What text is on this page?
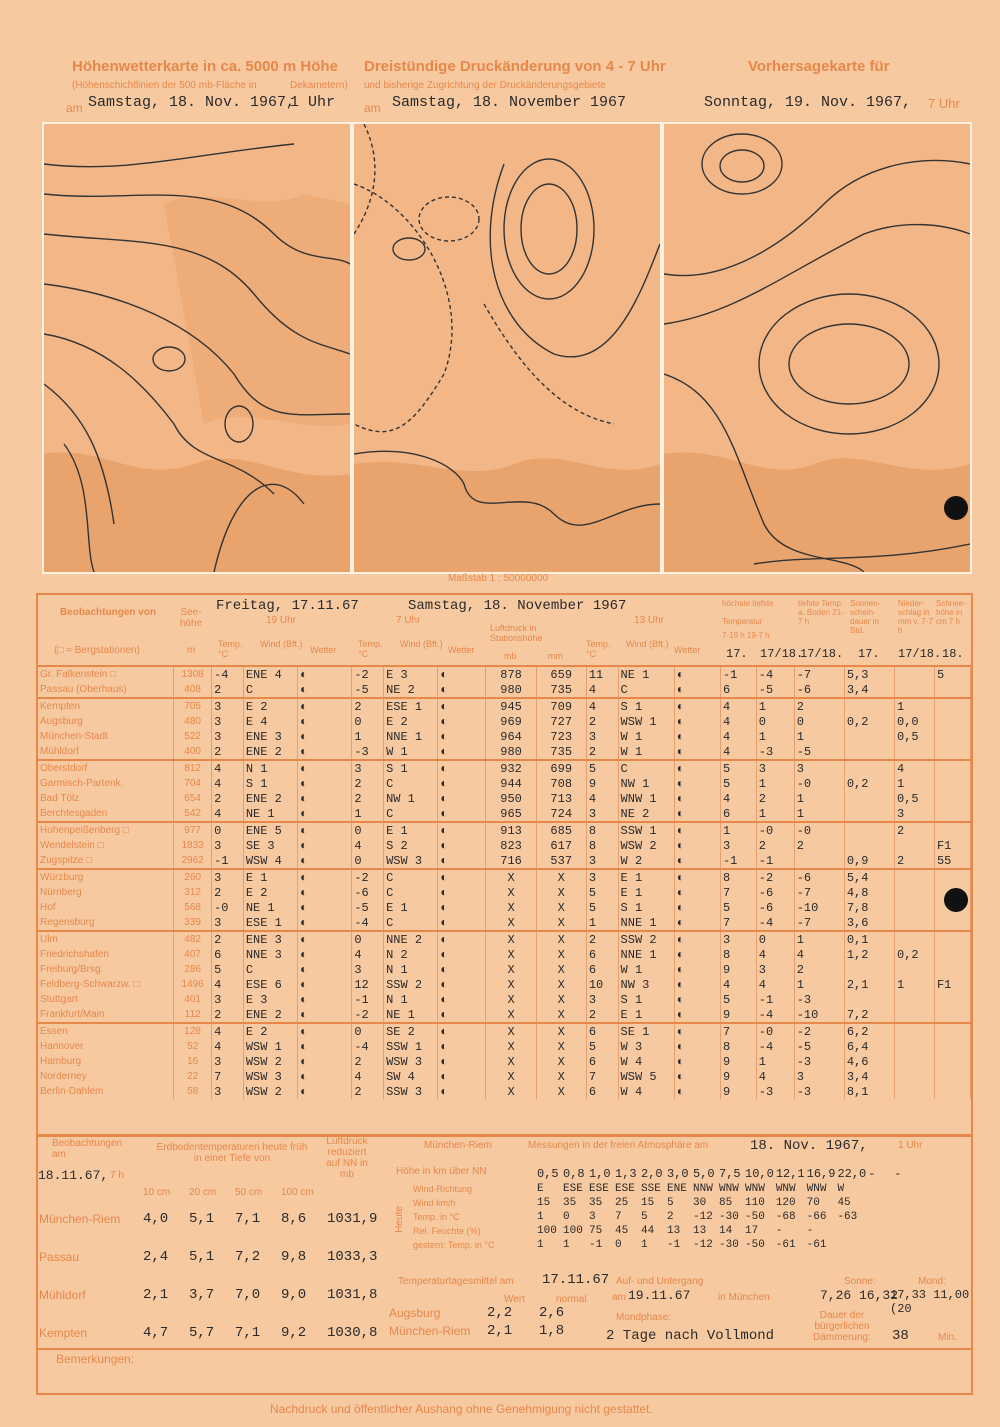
Höhenwetterkarte in ca. 5000 m Höhe
(Höhenschichtlinien der 500 mb-Fläche in	Dekametern)
am Samstag, 18. Nov. 1967,
1 Uhr
Dreistündige Druckänderung von 4 - 7 Uhr
und bisherige Zugrichtung der Druckänderungsgebiete
am Samstag, 18. November 1967
Vorhersagekarte für
Sonntag, 19. Nov. 1967, 7 Uhr
Maßstab 1 : 50000000
Beobachtungen von
(□ = Bergstationen)
See-höhe
m
Freitag, 17.11.67
19 Uhr
Samstag, 18. November 1967
7 Uhr	13 Uhr
Temp. °C
Wind (Bft.)
Wetter
Temp. °C
Wind (Bft.)
Wetter
Luftdruck in Stationshöhe
mb	mm
Temp. °C
Wind (Bft.)
Wetter
höchste tiefste
Temperatur
7-19 h 19-7 h
tiefste Temp. a. Boden 21-7 h
Sonnen-schein-dauer in Std.
Nieder-schlag in mm v. 7-7 h
Schnee-höhe in cm 7 h
17. 17/18.
17/18. 17. 17/18. 18.
Gr. Falkenstein □	1308	-4	ENE 4	◐	-2	E 3	◐	878	659	11	NE 1	◐	-1	-4	-7	5,3		5
Passau (Oberhaus)	408	2	C	◐	-5	NE 2	◐	980	735	4	C	◐	6	-5	-6	3,4		
Kempten	705	3	E 2	◐	2	ESE 1	◐	945	709	4	S 1	◐	4	1	2		1	
Augsburg	480	3	E 4	◐	0	E 2	◐	969	727	2	WSW 1	◐	4	0	0	0,2	0,0	
München-Stadt	522	3	ENE 3	◐	1	NNE 1	◐	964	723	3	W 1	◐	4	1	1		0,5	
Mühldorf	400	2	ENE 2	◐	-3	W 1	◐	980	735	2	W 1	◐	4	-3	-5			
Oberstdorf	812	4	N 1	◐	3	S 1	◐	932	699	5	C	◐	5	3	3		4	
Garmisch-Partenk.	704	4	S 1	◐	2	C	◐	944	708	9	NW 1	◐	5	1	-0	0,2	1	
Bad Tölz	654	2	ENE 2	◐	2	NW 1	◐	950	713	4	WNW 1	◐	4	2	1		0,5	
Berchtesgaden	542	4	NE 1	◐	1	C	◐	965	724	3	NE 2	◐	6	1	1		3	
Hohenpeißenberg □	977	0	ENE 5	◐	0	E 1	◐	913	685	8	SSW 1	◐	1	-0	-0		2	
Wendelstein □	1833	3	SE 3	◐	4	S 2	◐	823	617	8	WSW 2	◐	3	2	2			F1
Zugspitze □	2962	-1	WSW 4	◐	0	WSW 3	◐	716	537	3	W 2	◐	-1	-1		0,9	2	55
Würzburg	260	3	E 1	◐	-2	C	◐	X	X	3	E 1	◐	8	-2	-6	5,4		
Nürnberg	312	2	E 2	◐	-6	C	◐	X	X	5	E 1	◐	7	-6	-7	4,8		
Hof	568	-0	NE 1	◐	-5	E 1	◐	X	X	5	S 1	◐	5	-6	-10	7,8		
Regensburg	339	3	ESE 1	◐	-4	C	◐	X	X	1	NNE 1	◐	7	-4	-7	3,6		
Ulm	482	2	ENE 3	◐	0	NNE 2	◐	X	X	2	SSW 2	◐	3	0	1	0,1		
Friedrichshafen	407	6	NNE 3	◐	4	N 2	◐	X	X	6	NNE 1	◐	8	4	4	1,2	0,2	
Freiburg/Brsg.	286	5	C	◐	3	N 1	◐	X	X	6	W 1	◐	9	3	2			
Feldberg-Schwarzw. □	1496	4	ESE 6	◐	12	SSW 2	◐	X	X	10	NW 3	◐	4	4	1	2,1	1	F1
Stuttgart	401	3	E 3	◐	-1	N 1	◐	X	X	3	S 1	◐	5	-1	-3			
Frankfurt/Main	112	2	ENE 2	◐	-2	NE 1	◐	X	X	2	E 1	◐	9	-4	-10	7,2		
Essen	128	4	E 2	◐	0	SE 2	◐	X	X	6	SE 1	◐	7	-0	-2	6,2		
Hannover	52	4	WSW 1	◐	-4	SSW 1	◐	X	X	5	W 3	◐	8	-4	-5	6,4		
Hamburg	16	3	WSW 2	◐	2	WSW 3	◐	X	X	6	W 4	◐	9	1	-3	4,6		
Norderney	22	7	WSW 3	◐	4	SW 4	◐	X	X	7	WSW 5	◐	9	4	3	3,4		
Berlin-Dahlem	58	3	WSW 2	◐	2	SSW 3	◐	X	X	6	W 4	◐	9	-3	-3	8,1		
Beobachtungen am
18.11.67, 7 h
Erdbodentemperaturen heute früh in einer Tiefe von
Luftdruck reduziert auf NN in mb
	10 cm	20 cm	50 cm	100 cm	
München-Riem	4,0	5,1	7,1	8,6	1031,9
Passau	2,4	5,1	7,2	9,8	1033,3
Mühldorf	2,1	3,7	7,0	9,0	1031,8
Kempten	4,7	5,7	7,1	9,2	1030,8
München-Riem	Messungen in der freien Atmosphäre am	18. Nov. 1967,	1 Uhr
Höhe in km über NN
Heute
	0,5	0,8	1,0	1,3	2,0	3,0	5,0	7,5	10,0	12,1	16,9	22,0	-	-
Wind-Richtung	E	ESE	ESE	ESE	SSE	ENE	NNW	WNW	WNW	WNW	WNW	W		
Wind km/h	15	35	35	25	15	5	30	85	110	120	70	45		
Temp. in °C	1	0	3	7	5	2	-12	-30	-50	-68	-66	-63		
Rel. Feuchte (%)	100	100	75	45	44	13	13	14	17	-	-			
gestern: Temp. in °C	1	1	-1	0	1	-1	-12	-30	-50	-61	-61			
Temperaturtagesmittel am 17.11.67
Wert	normal
Augsburg	2,2	2,6
München-Riem	2,1	1,8
Auf- und Untergang
am 19.11.67	in München
Sonne:
7,26 16,32
Mond:
17,33 11,00 (20
Mondphase:
2 Tage nach Vollmond
Dauer der bürgerlichen Dämmerung:	38	Min.
Bemerkungen:
Nachdruck und öffentlicher Aushang ohne Genehmigung nicht gestattet.
